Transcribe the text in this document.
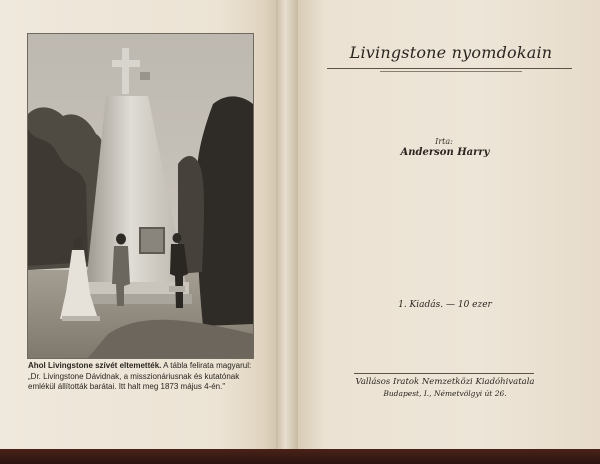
Ahol Livingstone szívét eltemették. A tábla felirata magyarul: „Dr. Livingstone Dávidnak, a misszionáriusnak és kutatónak emlékül állították barátai. Itt halt meg 1873 május 4-én."
Livingstone nyomdokain
Irta:
Anderson Harry
1. Kiadás. — 10 ezer
Vallásos Iratok Nemzetközi Kiadóhivatala
Budapest, I., Németvölgyi út 26.
